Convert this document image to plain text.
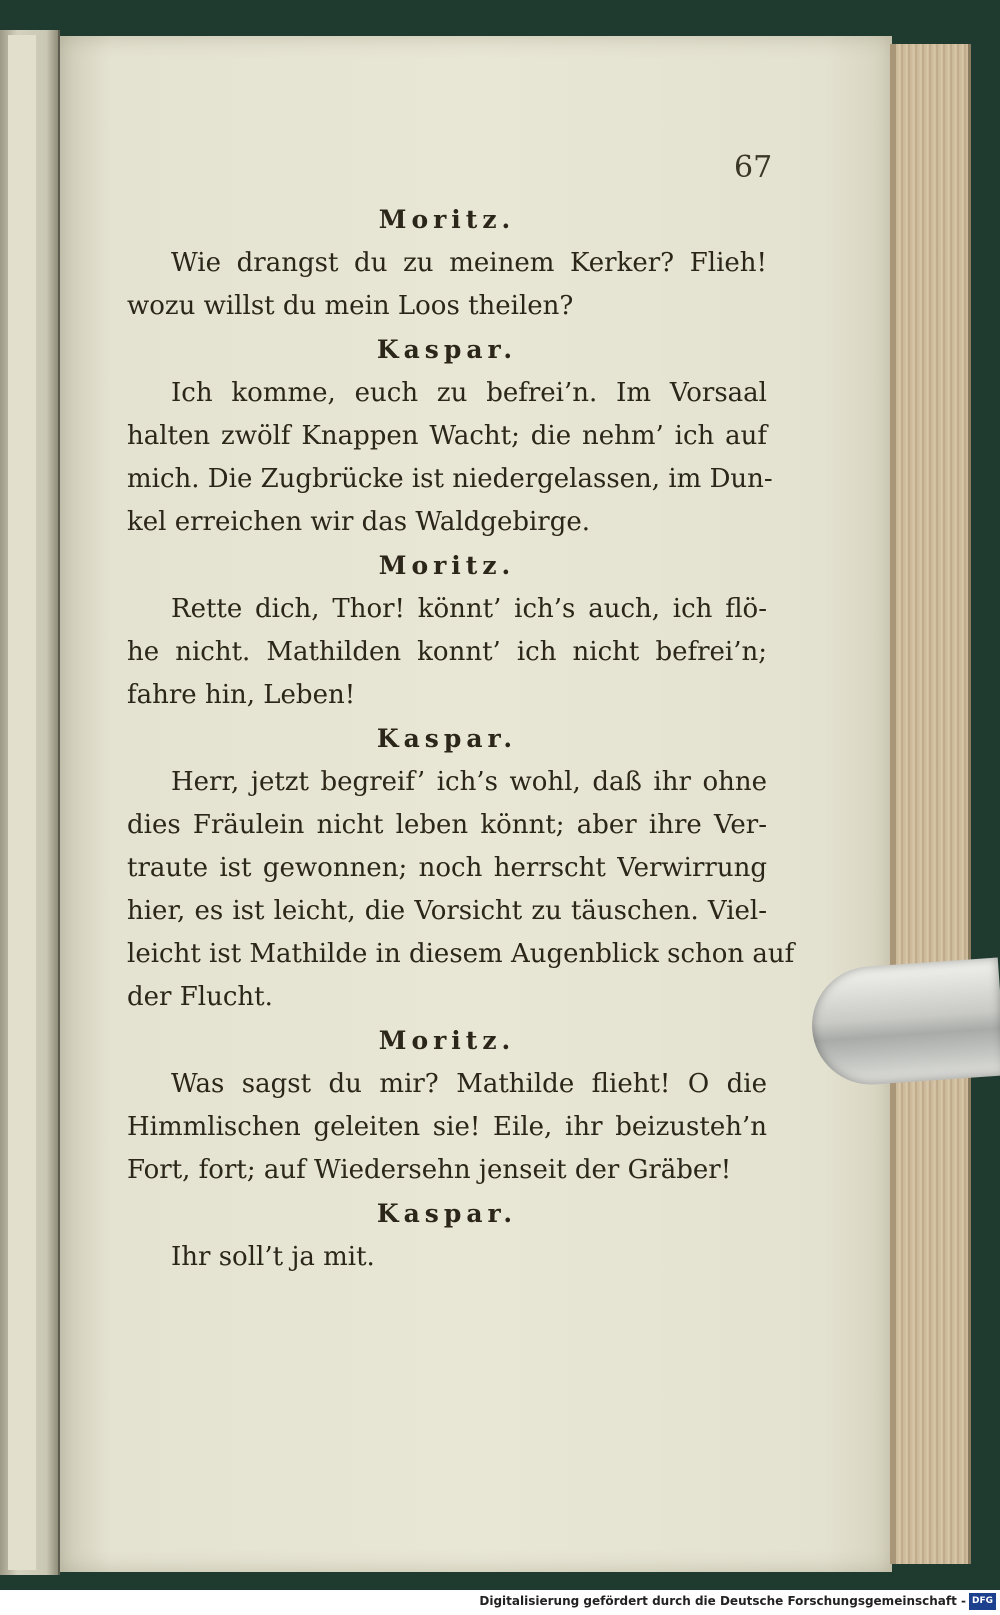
67

Moritz.

Wie drangst du zu meinem Kerker? Flieh!

wozu willst du mein Loos theilen?

Kaspar.

Ich komme, euch zu befrei’n. Im Vorsaal

halten zwölf Knappen Wacht; die nehm’ ich auf

mich. Die Zugbrücke ist niedergelassen, im Dun-

kel erreichen wir das Waldgebirge.

Moritz.

Rette dich, Thor! könnt’ ich’s auch, ich flö-

he nicht. Mathilden konnt’ ich nicht befrei’n;

fahre hin, Leben!

Kaspar.

Herr, jetzt begreif’ ich’s wohl, daß ihr ohne

dies Fräulein nicht leben könnt; aber ihre Ver-

traute ist gewonnen; noch herrscht Verwirrung

hier, es ist leicht, die Vorsicht zu täuschen. Viel-

leicht ist Mathilde in diesem Augenblick schon auf

der Flucht.

Moritz.

Was sagst du mir? Mathilde flieht! O die

Himmlischen geleiten sie! Eile, ihr beizusteh’n

Fort, fort; auf Wiedersehn jenseit der Gräber!

Kaspar.

Ihr soll’t ja mit.

Digitalisierung gefördert durch die Deutsche Forschungsgemeinschaft - DFG
